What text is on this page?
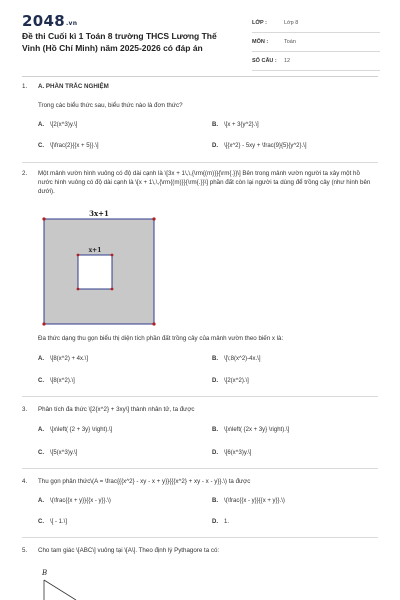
2048.vn
Đề thi Cuối kì 1 Toán 8 trường THCS Lương Thế Vinh (Hồ Chí Minh) năm 2025-2026 có đáp án
LỚP :	Lớp 8
MÔN :	Toán
SỐ CÂU :	12
1.	A. PHẦN TRẮC NGHIỆM
Trong các biểu thức sau, biểu thức nào là đơn thức?
A. \[2(x^3)y.\]	B. \[x + 3{y^2}.\]
C. \[\frac{2}{{x + 5}}.\]	D. \[{x^2} - 5xy + \frac{9}{5}{y^2}.\]
2.	Một mảnh vườn hình vuông có độ dài cạnh là \[3x + 1\,\,{\rm{(m)}}{\rm{.}}\] Bên trong mảnh vườn người ta xây một hồ nước hình vuông có độ dài cạnh là \[x + 1\,\,{\rm{(m)}}{\rm{.}}\] phần đất còn lại người ta dùng để trồng cây (như hình bên dưới).
3x+1
x+1
Đa thức dạng thu gọn biểu thị diện tích phần đất trồng cây của mảnh vườn theo biến x là:
A. \[8(x^2) + 4x.\]	B. \[\;8(x^2)-4x.\]
C. \[8(x^2).\]	D. \[2(x^2).\]
3.	Phân tích đa thức \[2{x^2} + 3xy\] thành nhân tử, ta được
A. \[x\left( {2 + 3y} \right).\]	B. \[x\left( {2x + 3y} \right).\]
C. \[5(x^3)y.\]	D. \[6(x^3)y.\]
4.	Thu gọn phân thức\(A = \frac{{{x^2} - xy - x + y}}{{{x^2} + xy - x - y}}.\) ta được
A. \(\frac{{x + y}}{{x - y}}.\)	B. \(\frac{{x - y}}{{x + y}}.\)
C. \[ - 1.\]	D. 1.
5.	Cho tam giác \[ABC\] vuông tại \[A\]. Theo định lý Pythagore ta có:
B
